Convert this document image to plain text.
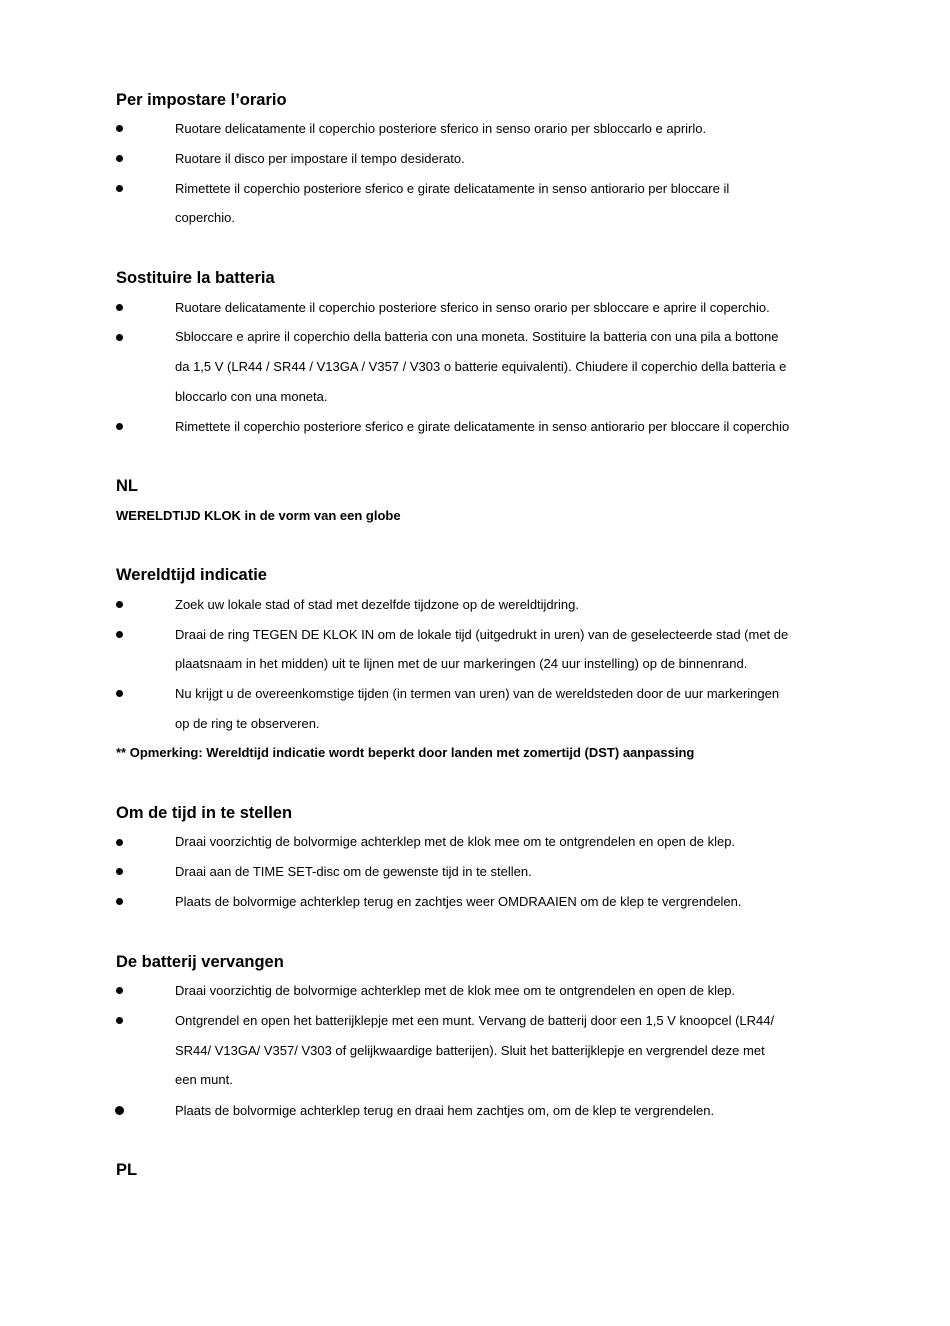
Per impostare l’orario
Ruotare delicatamente il coperchio posteriore sferico in senso orario per sbloccarlo e aprirlo.
Ruotare il disco per impostare il tempo desiderato.
Rimettete il coperchio posteriore sferico e girate delicatamente in senso antiorario per bloccare il
coperchio.
Sostituire la batteria
Ruotare delicatamente il coperchio posteriore sferico in senso orario per sbloccare e aprire il coperchio.
Sbloccare e aprire il coperchio della batteria con una moneta. Sostituire la batteria con una pila a bottone
da 1,5 V (LR44 / SR44 / V13GA / V357 / V303 o batterie equivalenti). Chiudere il coperchio della batteria e
bloccarlo con una moneta.
Rimettete il coperchio posteriore sferico e girate delicatamente in senso antiorario per bloccare il coperchio
NL
WERELDTIJD KLOK in de vorm van een globe
Wereldtijd indicatie
Zoek uw lokale stad of stad met dezelfde tijdzone op de wereldtijdring.
Draai de ring TEGEN DE KLOK IN om de lokale tijd (uitgedrukt in uren) van de geselecteerde stad (met de
plaatsnaam in het midden) uit te lijnen met de uur markeringen (24 uur instelling) op de binnenrand.
Nu krijgt u de overeenkomstige tijden (in termen van uren) van de wereldsteden door de uur markeringen
op de ring te observeren.
** Opmerking: Wereldtijd indicatie wordt beperkt door landen met zomertijd (DST) aanpassing
Om de tijd in te stellen
Draai voorzichtig de bolvormige achterklep met de klok mee om te ontgrendelen en open de klep.
Draai aan de TIME SET-disc om de gewenste tijd in te stellen.
Plaats de bolvormige achterklep terug en zachtjes weer OMDRAAIEN om de klep te vergrendelen.
De batterij vervangen
Draai voorzichtig de bolvormige achterklep met de klok mee om te ontgrendelen en open de klep.
Ontgrendel en open het batterijklepje met een munt. Vervang de batterij door een 1,5 V knoopcel (LR44/
SR44/ V13GA/ V357/ V303 of gelijkwaardige batterijen). Sluit het batterijklepje en vergrendel deze met
een munt.
Plaats de bolvormige achterklep terug en draai hem zachtjes om, om de klep te vergrendelen.
PL
